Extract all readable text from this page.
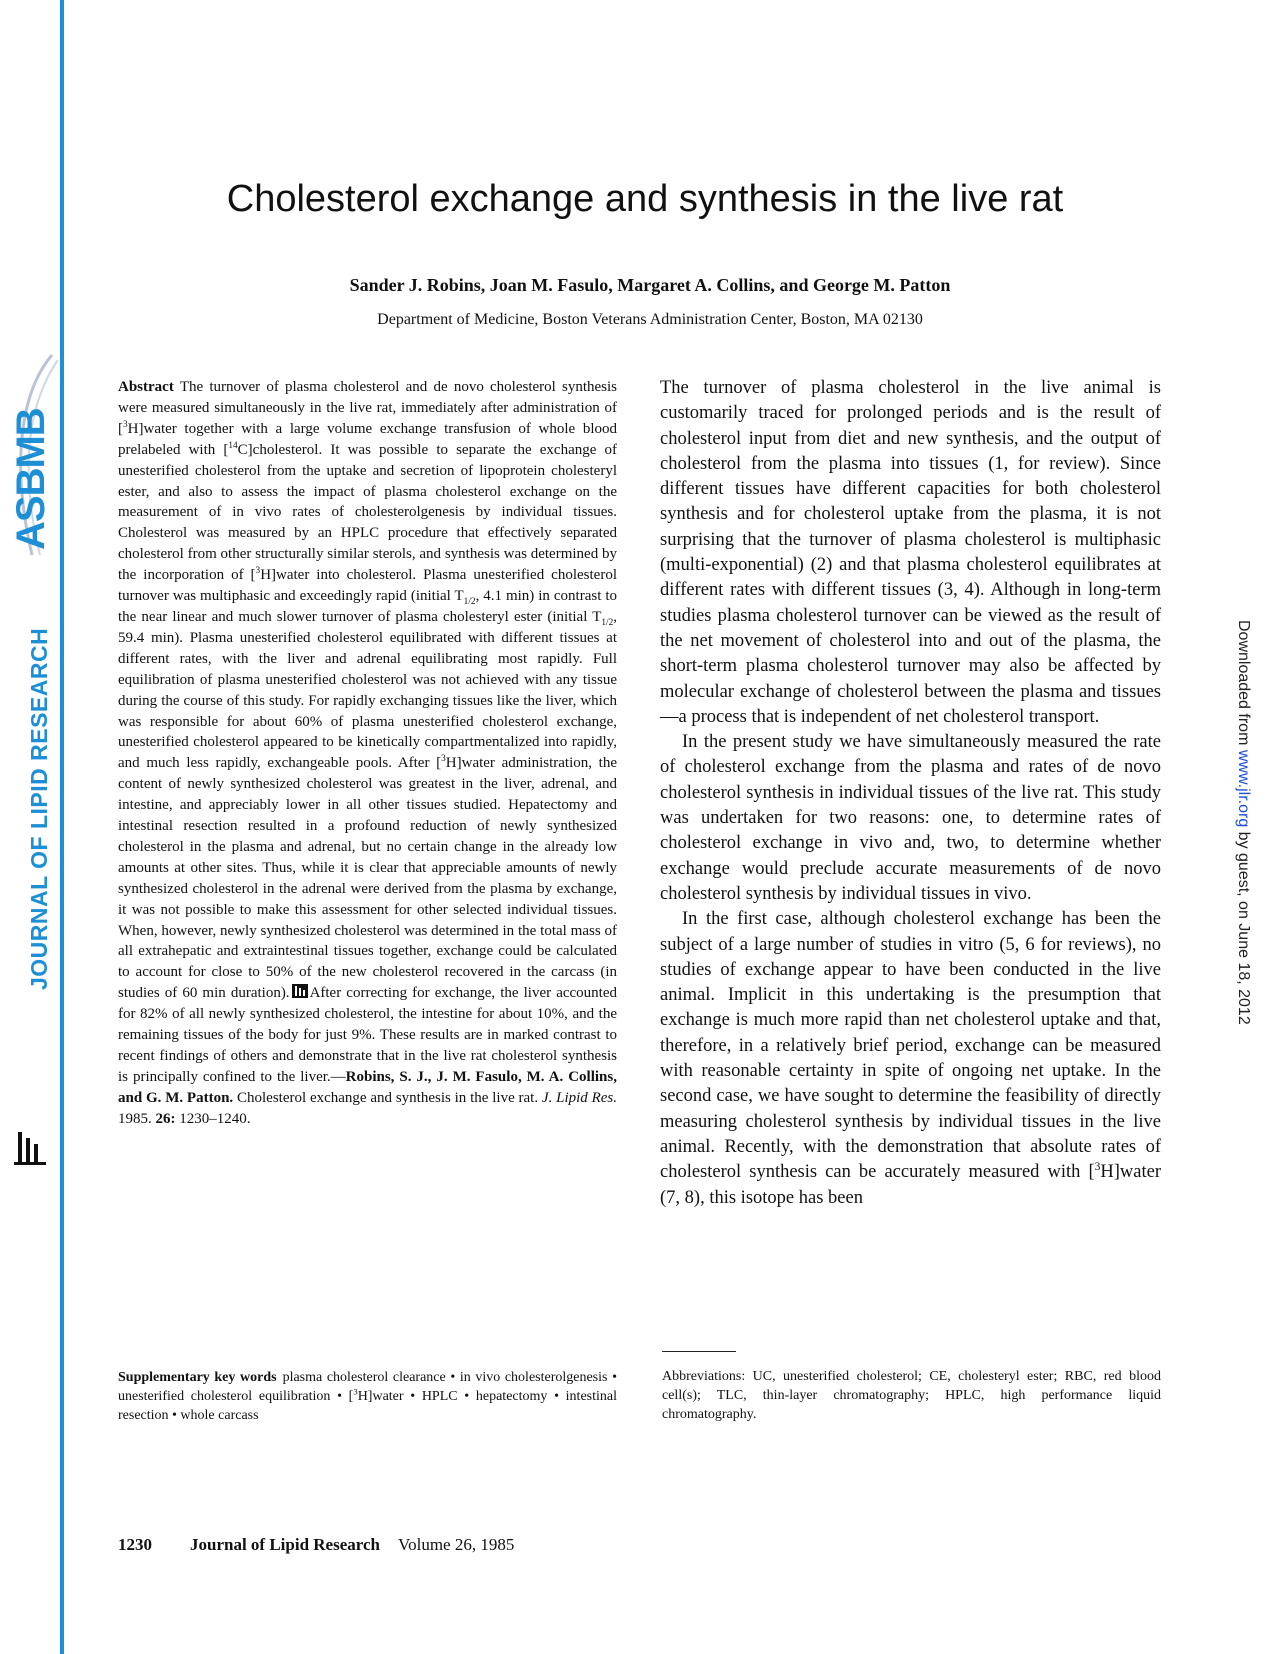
ASBMB
JOURNAL OF LIPID RESEARCH	Downloaded from www.jlr.org by guest, on June 18, 2012
Cholesterol exchange and synthesis in the live rat

Sander J. Robins, Joan M. Fasulo, Margaret A. Collins, and George M. Patton

Department of Medicine, Boston Veterans Administration Center, Boston, MA 02130

Abstract The turnover of plasma cholesterol and de novo cholesterol synthesis were measured simultaneously in the live rat, immediately after administration of [$^3$H]water together with a large volume exchange transfusion of whole blood prelabeled with [$^{14}$C]cholesterol. It was possible to separate the exchange of unesterified cholesterol from the uptake and secretion of lipoprotein cholesteryl ester, and also to assess the impact of plasma cholesterol exchange on the measurement of in vivo rates of cholesterolgenesis by individual tissues. Cholesterol was measured by an HPLC procedure that effectively separated cholesterol from other structurally similar sterols, and synthesis was determined by the incorporation of [$^3$H]water into cholesterol. Plasma unesterified cholesterol turnover was multiphasic and exceedingly rapid (initial $T_{1/2}$, 4.1 min) in contrast to the near linear and much slower turnover of plasma cholesteryl ester (initial $T_{1/2}$, 59.4 min). Plasma unesterified cholesterol equilibrated with different tissues at different rates, with the liver and adrenal equilibrating most rapidly. Full equilibration of plasma unesterified cholesterol was not achieved with any tissue during the course of this study. For rapidly exchanging tissues like the liver, which was responsible for about 60% of plasma unesterified cholesterol exchange, unesterified cholesterol appeared to be kinetically compartmentalized into rapidly, and much less rapidly, exchangeable pools. After [$^3$H]water administration, the content of newly synthesized cholesterol was greatest in the liver, adrenal, and intestine, and appreciably lower in all other tissues studied. Hepatectomy and intestinal resection resulted in a profound reduction of newly synthesized cholesterol in the plasma and adrenal, but no certain change in the already low amounts at other sites. Thus, while it is clear that appreciable amounts of newly synthesized cholesterol in the adrenal were derived from the plasma by exchange, it was not possible to make this assessment for other selected individual tissues. When, however, newly synthesized cholesterol was determined in the total mass of all extrahepatic and extraintestinal tissues together, exchange could be calculated to account for close to 50% of the new cholesterol recovered in the carcass (in studies of 60 min duration). After correcting for exchange, the liver accounted for 82% of all newly synthesized cholesterol, the intestine for about 10%, and the remaining tissues of the body for just 9%. These results are in marked contrast to recent findings of others and demonstrate that in the live rat cholesterol synthesis is principally confined to the liver.—Robins, S. J., J. M. Fasulo, M. A. Collins, and G. M. Patton. Cholesterol exchange and synthesis in the live rat. J. Lipid Res. 1985. 26: 1230–1240.

Supplementary key words plasma cholesterol clearance • in vivo cholesterolgenesis • unesterified cholesterol equilibration • [$^3$H]water • HPLC • hepatectomy • intestinal resection • whole carcass

The turnover of plasma cholesterol in the live animal is customarily traced for prolonged periods and is the result of cholesterol input from diet and new synthesis, and the output of cholesterol from the plasma into tissues (1, for review). Since different tissues have different capacities for both cholesterol synthesis and for cholesterol uptake from the plasma, it is not surprising that the turnover of plasma cholesterol is multiphasic (multi-exponential) (2) and that plasma cholesterol equilibrates at different rates with different tissues (3, 4). Although in long-term studies plasma cholesterol turnover can be viewed as the result of the net movement of cholesterol into and out of the plasma, the short-term plasma cholesterol turnover may also be affected by molecular exchange of cholesterol between the plasma and tissues—a process that is independent of net cholesterol transport.

In the present study we have simultaneously measured the rate of cholesterol exchange from the plasma and rates of de novo cholesterol synthesis in individual tissues of the live rat. This study was undertaken for two reasons: one, to determine rates of cholesterol exchange in vivo and, two, to determine whether exchange would preclude accurate measurements of de novo cholesterol synthesis by individual tissues in vivo.

In the first case, although cholesterol exchange has been the subject of a large number of studies in vitro (5, 6 for reviews), no studies of exchange appear to have been conducted in the live animal. Implicit in this undertaking is the presumption that exchange is much more rapid than net cholesterol uptake and that, therefore, in a relatively brief period, exchange can be measured with reasonable certainty in spite of ongoing net uptake. In the second case, we have sought to determine the feasibility of directly measuring cholesterol synthesis by individual tissues in the live animal. Recently, with the demonstration that absolute rates of cholesterol synthesis can be accurately measured with [$^3$H]water (7, 8), this isotope has been

Abbreviations: UC, unesterified cholesterol; CE, cholesteryl ester; RBC, red blood cell(s); TLC, thin-layer chromatography; HPLC, high performance liquid chromatography.

1230 Journal of Lipid Research Volume 26, 1985
